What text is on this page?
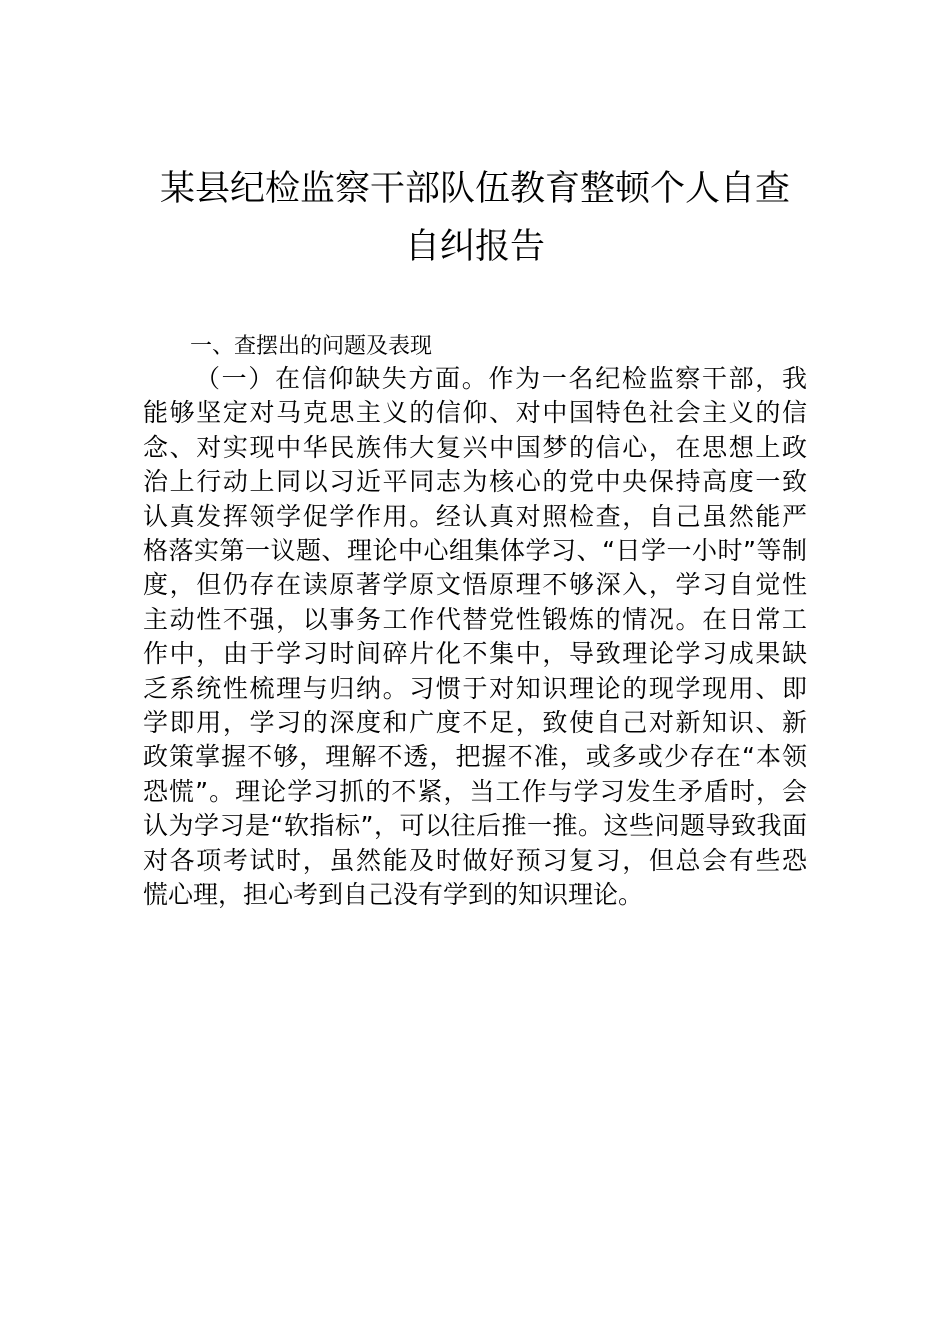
某县纪检监察干部队伍教育整顿个人自查
自纠报告

一、查摆出的问题及表现

（一）在信仰缺失方面。作为一名纪检监察干部，我
能够坚定对马克思主义的信仰、对中国特色社会主义的信
念、对实现中华民族伟大复兴中国梦的信心，在思想上政
治上行动上同以习近平同志为核心的党中央保持高度一致
认真发挥领学促学作用。经认真对照检查，自己虽然能严
格落实第一议题、理论中心组集体学习、“日学一小时”等制
度，但仍存在读原著学原文悟原理不够深入，学习自觉性
主动性不强，以事务工作代替党性锻炼的情况。在日常工
作中，由于学习时间碎片化不集中，导致理论学习成果缺
乏系统性梳理与归纳。习惯于对知识理论的现学现用、即
学即用，学习的深度和广度不足，致使自己对新知识、新
政策掌握不够，理解不透，把握不准，或多或少存在“本领
恐慌”。理论学习抓的不紧，当工作与学习发生矛盾时，会
认为学习是“软指标”，可以往后推一推。这些问题导致我面
对各项考试时，虽然能及时做好预习复习，但总会有些恐
慌心理，担心考到自己没有学到的知识理论。
